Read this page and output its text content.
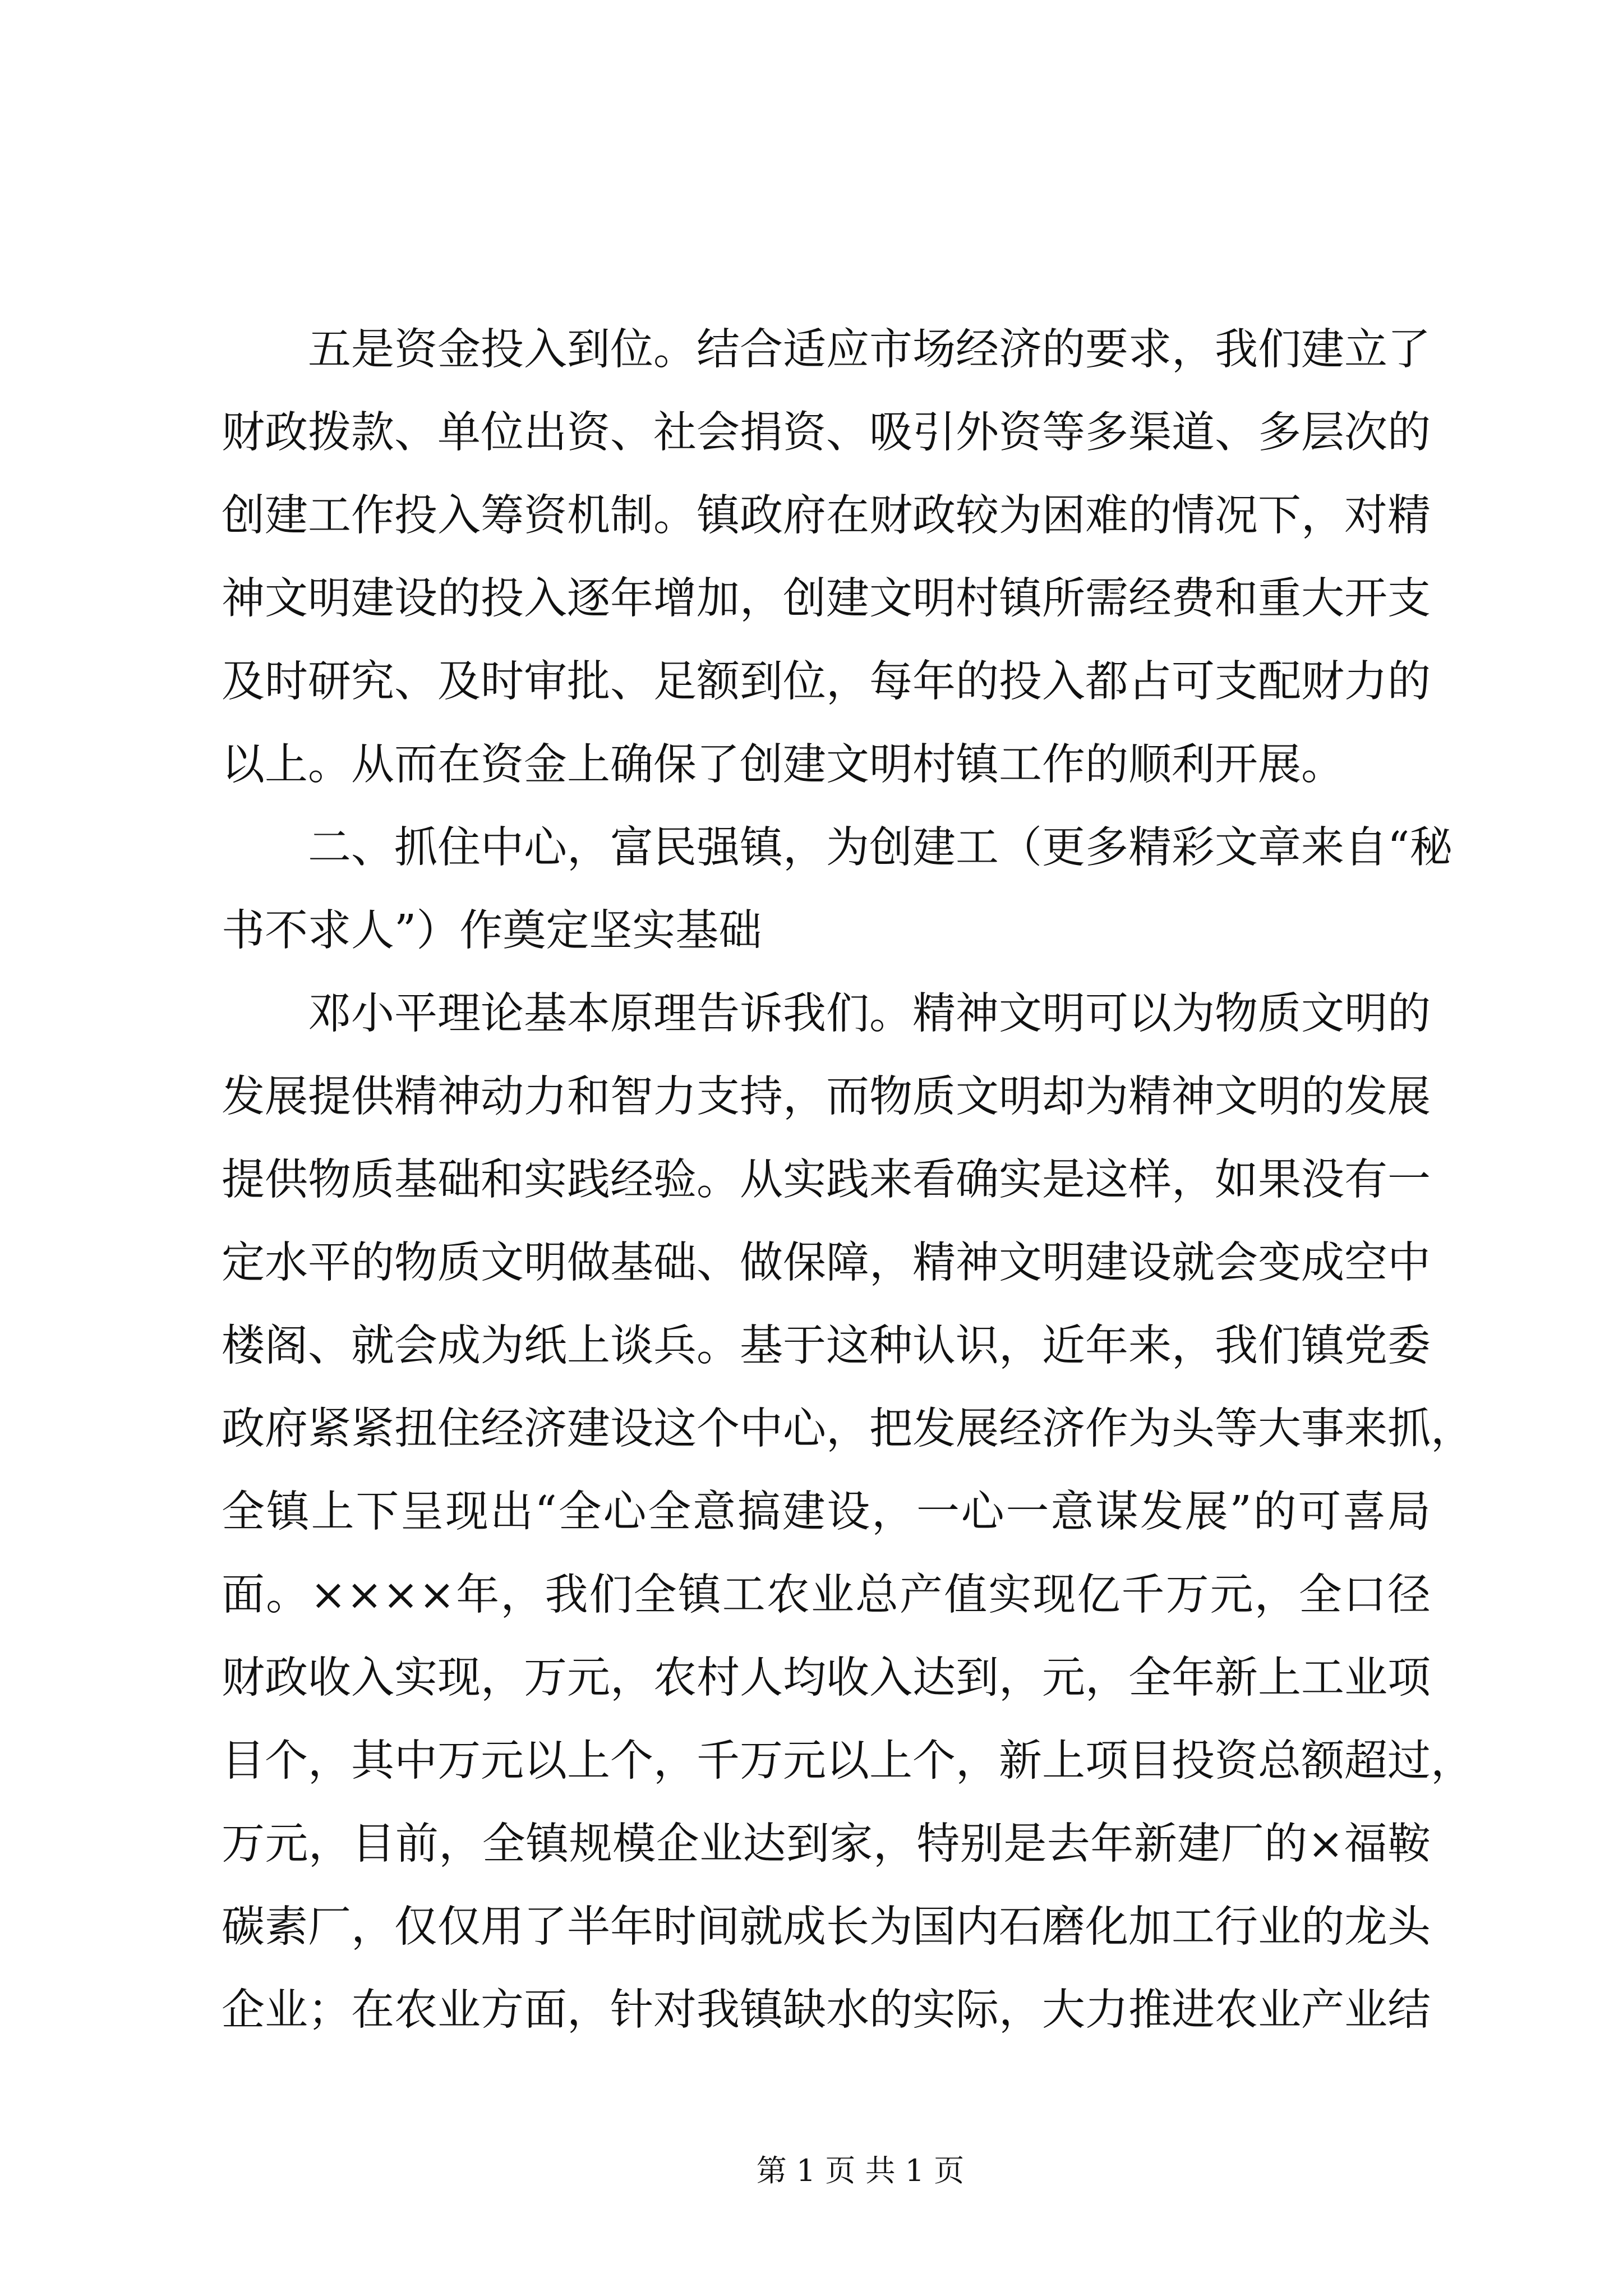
五是资金投入到位。结合适应市场经济的要求，我们建立了
财政拨款、单位出资、社会捐资、吸引外资等多渠道、多层次的
创建工作投入筹资机制。镇政府在财政较为困难的情况下，对精
神文明建设的投入逐年增加，创建文明村镇所需经费和重大开支
及时研究、及时审批、足额到位，每年的投入都占可支配财力的
以上。从而在资金上确保了创建文明村镇工作的顺利开展。
二、抓住中心，富民强镇，为创建工（更多精彩文章来自“秘
书不求人”）作奠定坚实基础
邓小平理论基本原理告诉我们。精神文明可以为物质文明的
发展提供精神动力和智力支持，而物质文明却为精神文明的发展
提供物质基础和实践经验。从实践来看确实是这样，如果没有一
定水平的物质文明做基础、做保障，精神文明建设就会变成空中
楼阁、就会成为纸上谈兵。基于这种认识，近年来，我们镇党委
政府紧紧扭住经济建设这个中心，把发展经济作为头等大事来抓，
全镇上下呈现出“全心全意搞建设，一心一意谋发展”的可喜局
面。××××年，我们全镇工农业总产值实现亿千万元，全口径
财政收入实现，万元，农村人均收入达到，元，全年新上工业项
目个，其中万元以上个，千万元以上个，新上项目投资总额超过，
万元，目前，全镇规模企业达到家，特别是去年新建厂的×福鞍
碳素厂，仅仅用了半年时间就成长为国内石磨化加工行业的龙头
企业；在农业方面，针对我镇缺水的实际，大力推进农业产业结
第 1 页 共 1 页
